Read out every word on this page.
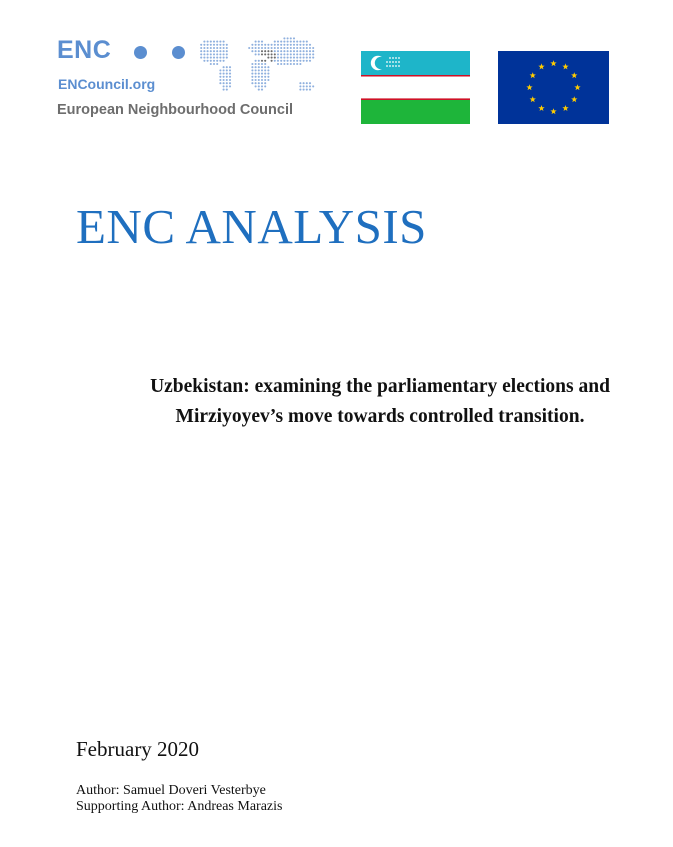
ENC
ENCouncil.org
European Neighbourhood Council
ENC ANALYSIS
Uzbekistan: examining the parliamentary elections and
Mirziyoyev’s move towards controlled transition.
February 2020
Author: Samuel Doveri Vesterbye
Supporting Author: Andreas Marazis
